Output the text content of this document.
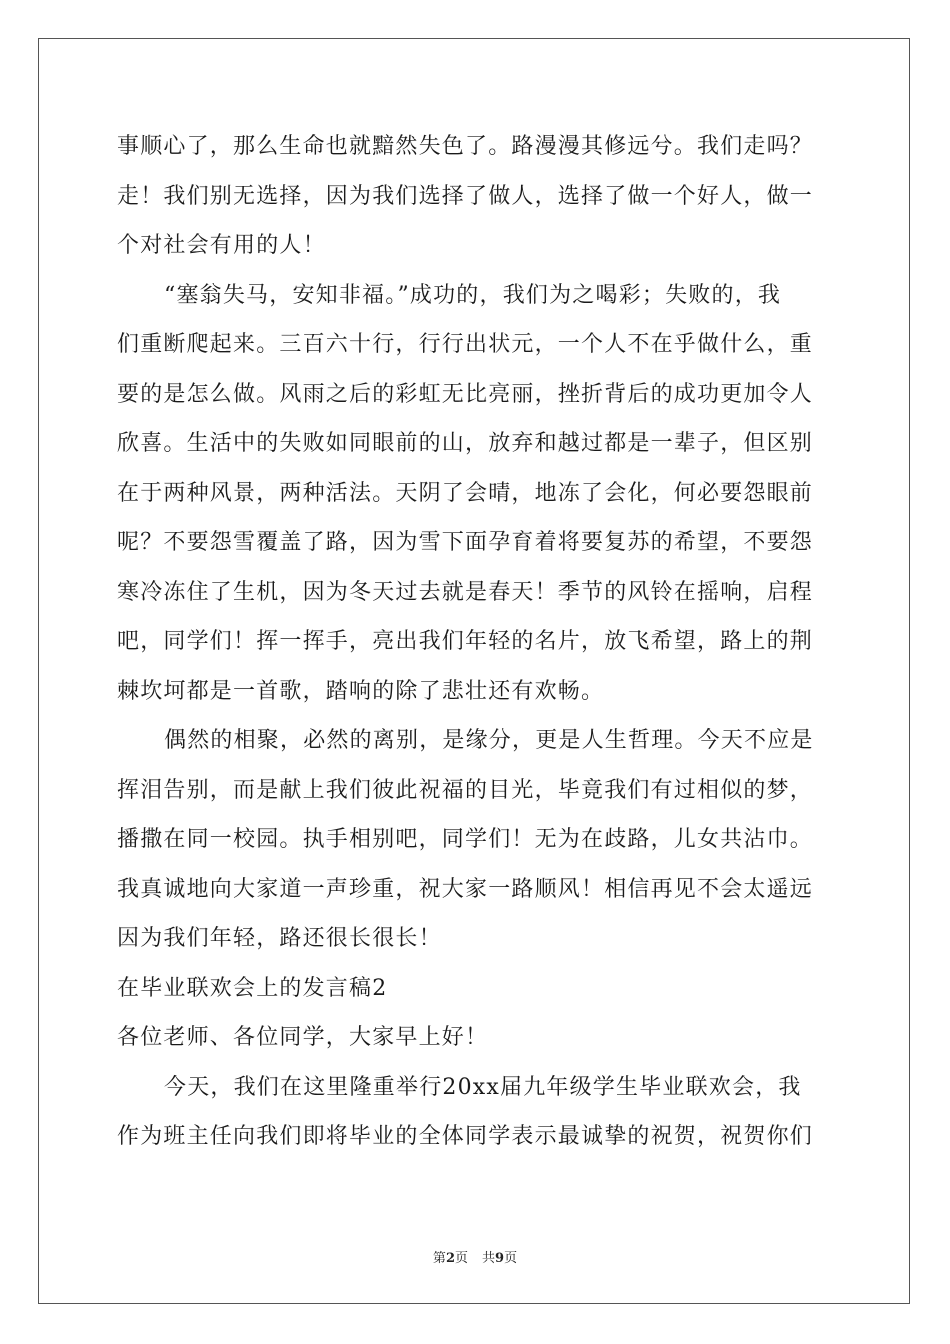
事顺心了，那么生命也就黯然失色了。路漫漫其修远兮。我们走吗？
走！我们别无选择，因为我们选择了做人，选择了做一个好人，做一
个对社会有用的人！
“塞翁失马，安知非福。”成功的，我们为之喝彩；失败的，我
们重断爬起来。三百六十行，行行出状元，一个人不在乎做什么，重
要的是怎么做。风雨之后的彩虹无比亮丽，挫折背后的成功更加令人
欣喜。生活中的失败如同眼前的山，放弃和越过都是一辈子，但区别
在于两种风景，两种活法。天阴了会晴，地冻了会化，何必要怨眼前
呢？不要怨雪覆盖了路，因为雪下面孕育着将要复苏的希望，不要怨
寒冷冻住了生机，因为冬天过去就是春天！季节的风铃在摇响，启程
吧，同学们！挥一挥手，亮出我们年轻的名片，放飞希望，路上的荆
棘坎坷都是一首歌，踏响的除了悲壮还有欢畅。
偶然的相聚，必然的离别，是缘分，更是人生哲理。今天不应是
挥泪告别，而是献上我们彼此祝福的目光，毕竟我们有过相似的梦，
播撒在同一校园。执手相别吧，同学们！无为在歧路，儿女共沾巾。
我真诚地向大家道一声珍重，祝大家一路顺风！相信再见不会太遥远
因为我们年轻，路还很长很长！
在毕业联欢会上的发言稿2
各位老师、各位同学，大家早上好！
今天，我们在这里隆重举行20xx届九年级学生毕业联欢会，我
作为班主任向我们即将毕业的全体同学表示最诚挚的祝贺，祝贺你们
第2页 共9页
